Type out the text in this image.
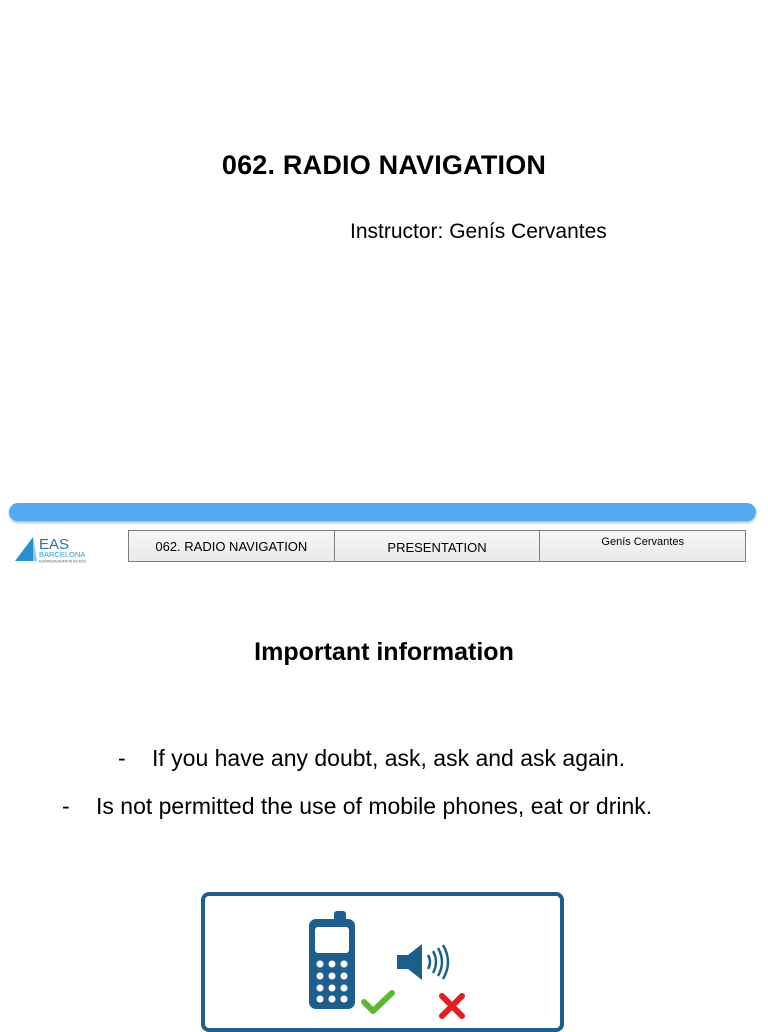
062. RADIO NAVIGATION
Instructor: Genís Cervantes
EAS
BARCELONA
EUROPEAN AVIATION SCHOOL
062. RADIO NAVIGATION	PRESENTATION	Genís Cervantes
Important information
- If you have any doubt, ask, ask and ask again.
- Is not permitted the use of mobile phones, eat or drink.
